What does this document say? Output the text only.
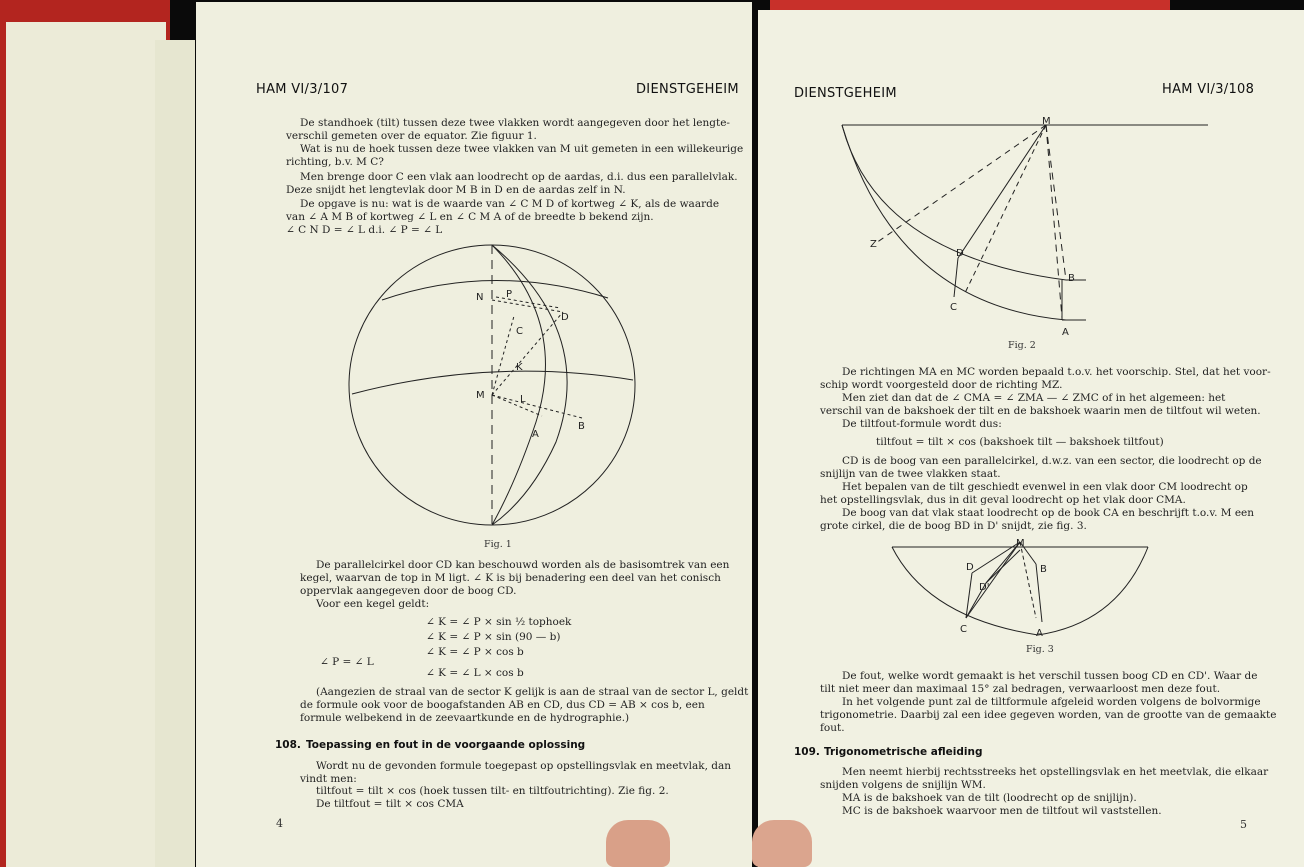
HAM VI/3/107	DIENSTGEHEIM
De standhoek (tilt) tussen deze twee vlakken wordt aangegeven door het lengte-
verschil gemeten over de equator. Zie figuur 1.
Wat is nu de hoek tussen deze twee vlakken van M uit gemeten in een willekeurige
richting, b.v. M C?
Men brenge door C een vlak aan loodrecht op de aardas, d.i. dus een parallelvlak.
Deze snijdt het lengtevlak door M B in D en de aardas zelf in N.
De opgave is nu: wat is de waarde van ∠ C M D of kortweg ∠ K, als de waarde
van ∠ A M B of kortweg ∠ L en ∠ C M A of de breedte b bekend zijn.
∠ C N D = ∠ L d.i. ∠ P = ∠ L
N P
D
C
K
M	L
A
B
Fig. 1
De parallelcirkel door CD kan beschouwd worden als de basisomtrek van een
kegel, waarvan de top in M ligt. ∠ K is bij benadering een deel van het conisch
oppervlak aangegeven door de boog CD.
Voor een kegel geldt:
∠ K = ∠ P × sin ½ tophoek
∠ K = ∠ P × sin (90 — b)
∠ K = ∠ P × cos b
∠ P = ∠ L
∠ K = ∠ L × cos b
(Aangezien de straal van de sector K gelijk is aan de straal van de sector L, geldt
de formule ook voor de boogafstanden AB en CD, dus CD = AB × cos b, een
formule welbekend in de zeevaartkunde en de hydrographie.)
108. Toepassing en fout in de voorgaande oplossing
Wordt nu de gevonden formule toegepast op opstellingsvlak en meetvlak, dan
vindt men:
tiltfout = tilt × cos (hoek tussen tilt- en tiltfoutrichting). Zie fig. 2.
De tiltfout = tilt × cos CMA
4
DIENSTGEHEIM	HAM VI/3/108
M
Z
D
B
C
A
Fig. 2
De richtingen MA en MC worden bepaald t.o.v. het voorschip. Stel, dat het voor-
schip wordt voorgesteld door de richting MZ.
Men ziet dan dat de ∠ CMA = ∠ ZMA — ∠ ZMC of in het algemeen: het
verschil van de bakshoek der tilt en de bakshoek waarin men de tiltfout wil weten.
De tiltfout-formule wordt dus:
tiltfout = tilt × cos (bakshoek tilt — bakshoek tiltfout)
CD is de boog van een parallelcirkel, d.w.z. van een sector, die loodrecht op de
snijlijn van de twee vlakken staat.
Het bepalen van de tilt geschiedt evenwel in een vlak door CM loodrecht op
het opstellingsvlak, dus in dit geval loodrecht op het vlak door CMA.
De boog van dat vlak staat loodrecht op de book CA en beschrijft t.o.v. M een
grote cirkel, die de boog BD in D' snijdt, zie fig. 3.
M
D
D'
B
C	A
Fig. 3
De fout, welke wordt gemaakt is het verschil tussen boog CD en CD'. Waar de
tilt niet meer dan maximaal 15° zal bedragen, verwaarloost men deze fout.
In het volgende punt zal de tiltformule afgeleid worden volgens de bolvormige
trigonometrie. Daarbij zal een idee gegeven worden, van de grootte van de gemaakte
fout.
109. Trigonometrische afleiding
Men neemt hierbij rechtsstreeks het opstellingsvlak en het meetvlak, die elkaar
snijden volgens de snijlijn WM.
MA is de bakshoek van de tilt (loodrecht op de snijlijn).
MC is de bakshoek waarvoor men de tiltfout wil vaststellen.
5
